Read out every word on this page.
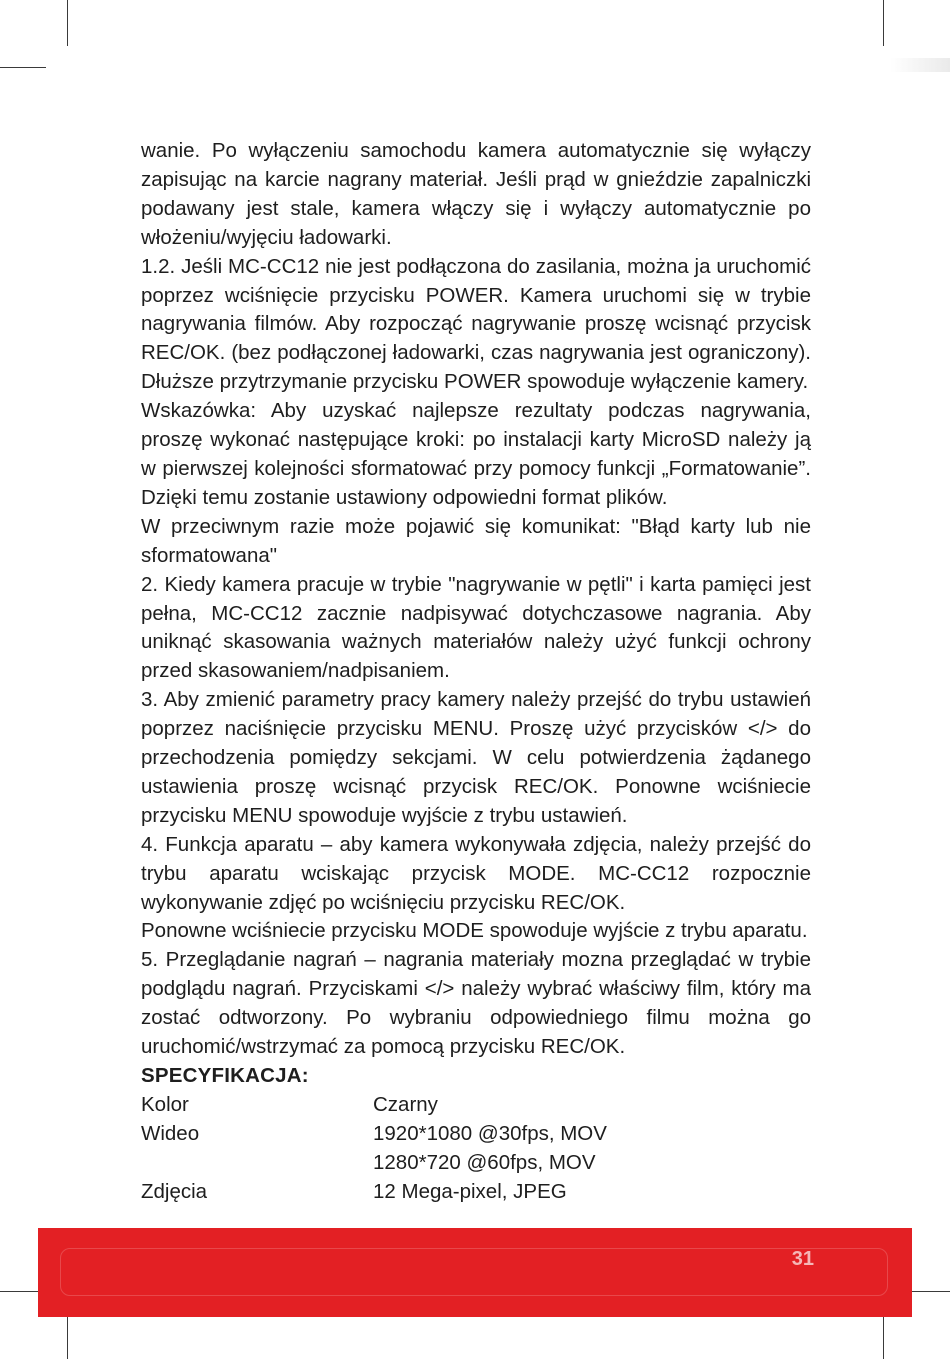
wanie. Po wyłączeniu samochodu kamera automatycznie się wyłączy zapisując na karcie nagrany materiał. Jeśli prąd w gnieździe zapalniczki podawany jest stale, kamera włączy się i wyłączy automatycznie po włożeniu/wyjęciu ładowarki.

1.2. Jeśli MC-CC12 nie jest podłączona do zasilania, można ja uruchomić poprzez wciśnięcie przycisku POWER. Kamera uruchomi się w trybie nagrywania filmów. Aby rozpocząć nagrywanie proszę wcisnąć przycisk REC/OK. (bez podłączonej ładowarki, czas nagrywania jest ograniczony). Dłuższe przytrzymanie przycisku POWER spowoduje wyłączenie kamery.

Wskazówka: Aby uzyskać najlepsze rezultaty podczas nagrywania, proszę wykonać następujące kroki: po instalacji karty MicroSD należy ją w pierwszej kolejności sformatować przy pomocy funkcji „Formatowanie”. Dzięki temu zostanie ustawiony odpowiedni format plików.

W przeciwnym razie może pojawić się komunikat: "Błąd karty lub nie sformatowana"

2. Kiedy kamera pracuje w trybie "nagrywanie w pętli" i karta pamięci jest pełna, MC-CC12 zacznie nadpisywać dotychczasowe nagrania. Aby uniknąć skasowania ważnych materiałów należy użyć funkcji ochrony przed skasowaniem/nadpisaniem.

3. Aby zmienić parametry pracy kamery należy przejść do trybu ustawień poprzez naciśnięcie przycisku MENU. Proszę użyć przycisków </> do przechodzenia pomiędzy sekcjami. W celu potwierdzenia żądanego ustawienia proszę wcisnąć przycisk REC/OK. Ponowne wciśniecie przycisku MENU spowoduje wyjście z trybu ustawień.

4. Funkcja aparatu – aby kamera wykonywała zdjęcia, należy przejść do trybu aparatu wciskając przycisk MODE. MC-CC12 rozpocznie wykonywanie zdjęć po wciśnięciu przycisku REC/OK.

Ponowne wciśniecie przycisku MODE spowoduje wyjście z trybu aparatu.

5. Przeglądanie nagrań – nagrania materiały mozna przeglądać w trybie podglądu nagrań. Przyciskami </> należy wybrać właściwy film, który ma zostać odtworzony. Po wybraniu odpowiedniego filmu można go uruchomić/wstrzymać za pomocą przycisku REC/OK.

SPECYFIKACJA:
Kolor	Czarny
Wideo	1920*1080 @30fps, MOV
1280*720 @60fps, MOV
Zdjęcia	12 Mega-pixel, JPEG
31
